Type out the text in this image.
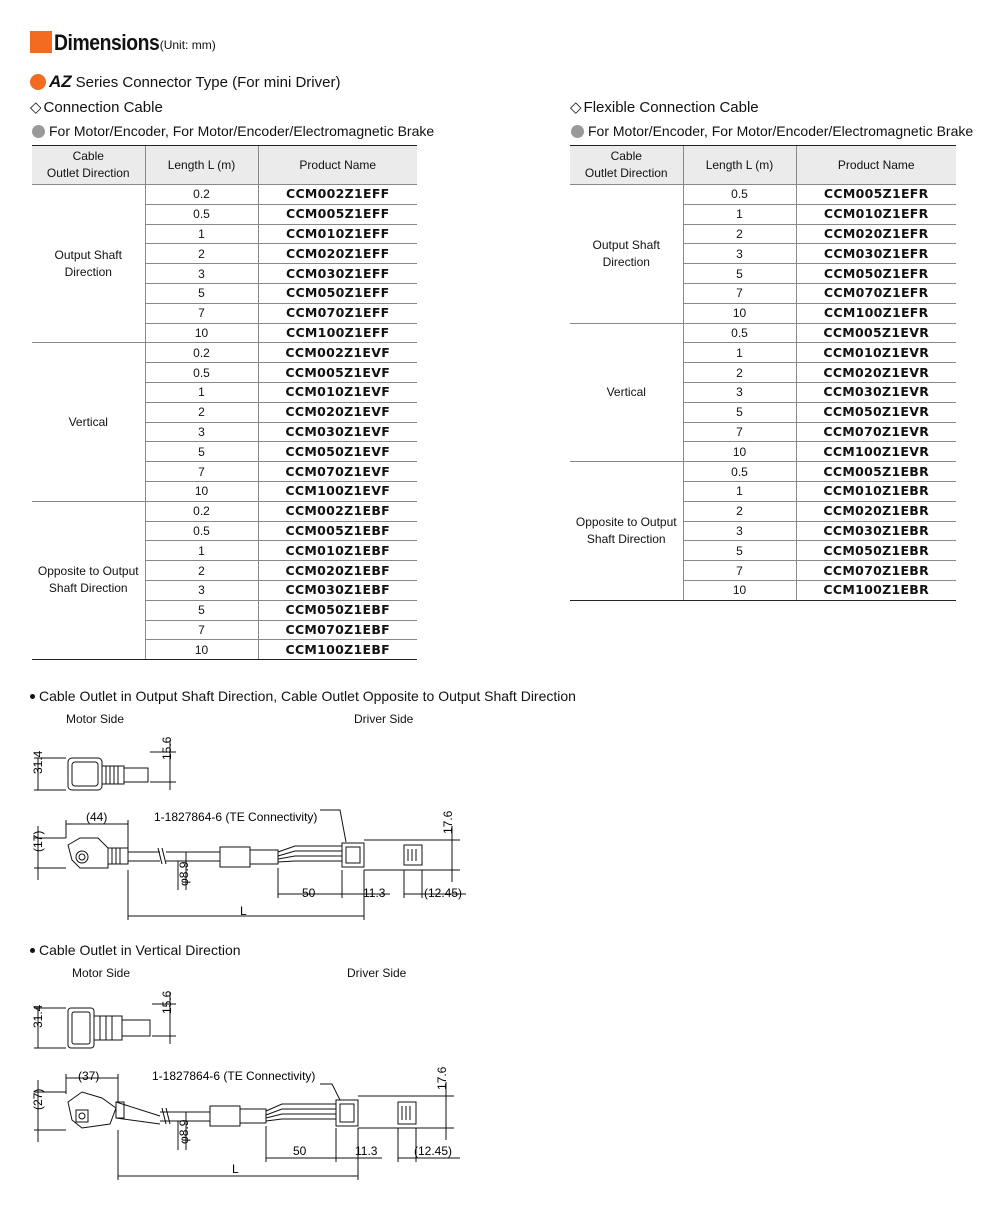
Dimensions (Unit: mm)
AZ Series Connector Type (For mini Driver)
◇ Connection Cable
For Motor/Encoder, For Motor/Encoder/Electromagnetic Brake
◇ Flexible Connection Cable
For Motor/Encoder, For Motor/Encoder/Electromagnetic Brake
Cable
Outlet Direction	Length L (m)	Product Name
Output Shaft
Direction	0.2	CCM002Z1EFF
	0.5	CCM005Z1EFF
	1	CCM010Z1EFF
	2	CCM020Z1EFF
	3	CCM030Z1EFF
	5	CCM050Z1EFF
	7	CCM070Z1EFF
	10	CCM100Z1EFF
Vertical	0.2	CCM002Z1EVF
	0.5	CCM005Z1EVF
	1	CCM010Z1EVF
	2	CCM020Z1EVF
	3	CCM030Z1EVF
	5	CCM050Z1EVF
	7	CCM070Z1EVF
	10	CCM100Z1EVF
Opposite to Output
Shaft Direction	0.2	CCM002Z1EBF
	0.5	CCM005Z1EBF
	1	CCM010Z1EBF
	2	CCM020Z1EBF
	3	CCM030Z1EBF
	5	CCM050Z1EBF
	7	CCM070Z1EBF
	10	CCM100Z1EBF
Cable
Outlet Direction	Length L (m)	Product Name
Output Shaft
Direction	0.5	CCM005Z1EFR
	1	CCM010Z1EFR
	2	CCM020Z1EFR
	3	CCM030Z1EFR
	5	CCM050Z1EFR
	7	CCM070Z1EFR
	10	CCM100Z1EFR
Vertical	0.5	CCM005Z1EVR
	1	CCM010Z1EVR
	2	CCM020Z1EVR
	3	CCM030Z1EVR
	5	CCM050Z1EVR
	7	CCM070Z1EVR
	10	CCM100Z1EVR
Opposite to Output
Shaft Direction	0.5	CCM005Z1EBR
	1	CCM010Z1EBR
	2	CCM020Z1EBR
	3	CCM030Z1EBR
	5	CCM050Z1EBR
	7	CCM070Z1EBR
	10	CCM100Z1EBR
Cable Outlet in Output Shaft Direction, Cable Outlet Opposite to Output Shaft Direction
Motor Side	Driver Side
31.4
15.6
(44)
(17)
1-1827864-6 (TE Connectivity)	17.6
φ8.9
50	11.3	(12.45)
L
Cable Outlet in Vertical Direction
Motor Side	Driver Side
31.4
15.6
(37)
(27)
1-1827864-6 (TE Connectivity)	17.6
φ8.9
50	11.3	(12.45)
L
